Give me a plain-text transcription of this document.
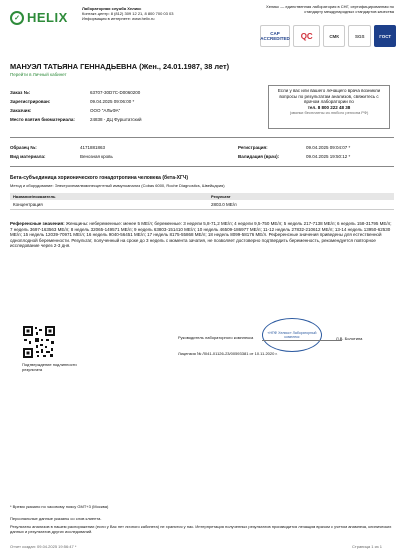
✓ HELIX
Лабораторная служба Хеликс
Контакт-центр: 8 (812) 309 12 21, 8 800 700 03 03
Информация в интернете: www.helix.ru
Хеликс — единственная лаборатория в СНГ, сертифицированная по стандарту международных стандартов качества
CAP ACCREDITED	QC	СМК	SGS	ГОСТ
МАНУЭЛ ТАТЬЯНА ГЕННАДЬЕВНА (Жен., 24.01.1987, 38 лет)
Перейти в Личный кабинет
Заказ №:	63707-30D7C-D0060200
Зарегистрирован:	09.04.2025 09:06:00 *
Заказчик:	ООО "АЛЬФА"
Место взятия биоматериала:	24838 - ДЦ Фурштатский
Если у вас или вашего лечащего врача возникли вопросы по результатам анализов, свяжитесь с врачом лаборатории по
тел. 8 800 222 48 38
(звонки бесплатны из любого региона РФ)
Образец №:	4171881863
Вид материала:	Венозная кровь
Регистрация:	09.04.2025 09:04:07 *
Валидация (врач):	09.04.2025 19:50:12 *
Бета-субъединица хорионического гонадотропина человека (бета-ХГЧ)
Метод и оборудование: Электрохемилюминесцентный иммуноанализ (Cobas 6000, Roche Diagnostics, Швейцария)
Название/показатель	Результат
Концентрация	2803.0 МЕ/л
Референсные значения: Женщины: небеременные: менее 5 МЕ/л; беременные: 3 недели 5,8-71,2 МЕ/л; 4 недели 9,5-750 МЕ/л; 5 недель 217-7138 МЕ/л; 6 недель 158-31795 МЕ/л; 7 недель 3697-163563 МЕ/л; 8 недель 32065-149571 МЕ/л; 9 недель 63803-151410 МЕ/л; 10 недель 46509-186977 МЕ/л; 11-12 недель 27832-210612 МЕ/л; 13-14 недель 13950-62530 МЕ/л; 15 недель 12039-70971 МЕ/л; 16 недель 9040-56451 МЕ/л; 17 недель 8175-55868 МЕ/л; 18 недель 8099-58176 МЕ/л. Референсные значения приведены для естественной одноплодной беременности. Результат, полученный на сроке до 3 недель с момента зачатия, не позволяет достоверно подтвердить беременность, рекомендуется повторное исследование через 2-3 дня.
Подтверждение подлинности результата
Руководитель лабораторного комплекса
«НПФ Хеликс» Лабораторный комплекс	Л.В. Болотина
Лицензия № Л041-01126-23/00593381 от 10.11.2020 г.
* Время указано по часовому поясу GMT+3 (Москва)
Персональные данные указаны со слов клиента.
Результаты анализов в нашем распоряжении (если у Вас нет личного кабинета) не хранятся у нас. Интерпретация полученных результатов производится лечащим врачом с учетом анамнеза, клинических данных и результатов других исследований.
Отчет создан: 09.04.2025 19:56:47 *	Страница 1 из 1
